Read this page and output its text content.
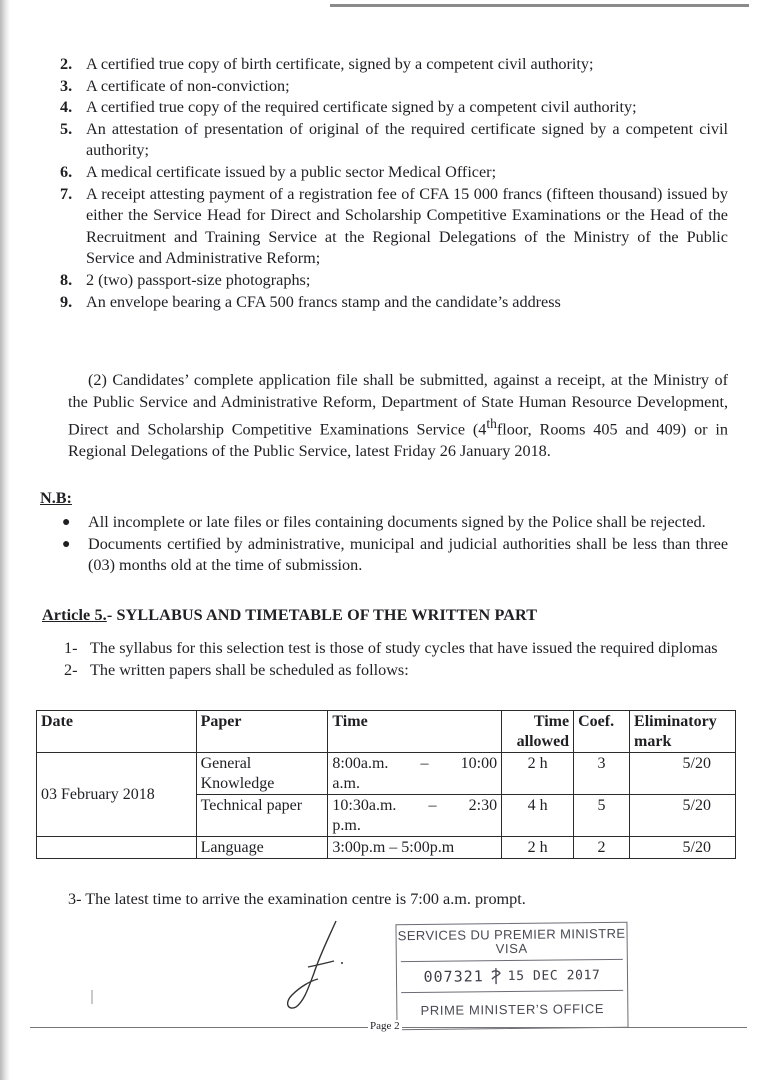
2. A certified true copy of birth certificate, signed by a competent civil authority;
3. A certificate of non-conviction;
4. A certified true copy of the required certificate signed by a competent civil authority;
5. An attestation of presentation of original of the required certificate signed by a competent civil authority;
6. A medical certificate issued by a public sector Medical Officer;
7. A receipt attesting payment of a registration fee of CFA 15 000 francs (fifteen thousand) issued by either the Service Head for Direct and Scholarship Competitive Examinations or the Head of the Recruitment and Training Service at the Regional Delegations of the Ministry of the Public Service and Administrative Reform;
8. 2 (two) passport-size photographs;
9. An envelope bearing a CFA 500 francs stamp and the candidate’s address

(2) Candidates’ complete application file shall be submitted, against a receipt, at the Ministry of the Public Service and Administrative Reform, Department of State Human Resource Development, Direct and Scholarship Competitive Examinations Service (4thfloor, Rooms 405 and 409) or in Regional Delegations of the Public Service, latest Friday 26 January 2018.

N.B:

● All incomplete or late files or files containing documents signed by the Police shall be rejected.
● Documents certified by administrative, municipal and judicial authorities shall be less than three (03) months old at the time of submission.

Article 5.- SYLLABUS AND TIMETABLE OF THE WRITTEN PART

1- The syllabus for this selection test is those of study cycles that have issued the required diplomas
2- The written papers shall be scheduled as follows:
Date	Paper	Time	Time allowed	Coef.	Eliminatory mark
03 February 2018	General Knowledge	8:00a.m. – 10:00
a.m.	2 h	3	5/20
	Technical paper	10:30a.m. – 2:30
p.m.	4 h	5	5/20
	Language	3:00p.m – 5:00p.m	2 h	2	5/20

3- The latest time to arrive the examination centre is 7:00 a.m. prompt.

SERVICES DU PREMIER MINISTRE
VISA
007321 15 DEC 2017
PRIME MINISTER’S OFFICE
Page 2
